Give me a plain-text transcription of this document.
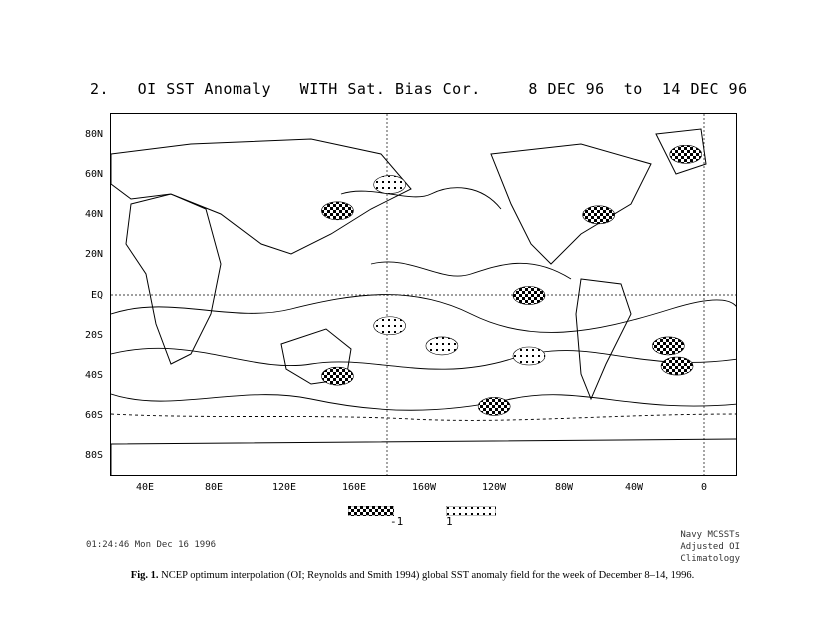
2.   OI SST Anomaly   WITH Sat. Bias Cor.     8 DEC 96  to  14 DEC 96
80N
60N
40N
20N
EQ
20S
40S
60S
80S
40E	80E	120E	160E	160W	120W	80W	40W	0
-1	1
01:24:46 Mon Dec 16 1996
Navy MCSSTs
Adjusted OI Climatology
Fig. 1. NCEP optimum interpolation (OI; Reynolds and Smith 1994) global SST anomaly field for the week of December 8–14, 1996.
